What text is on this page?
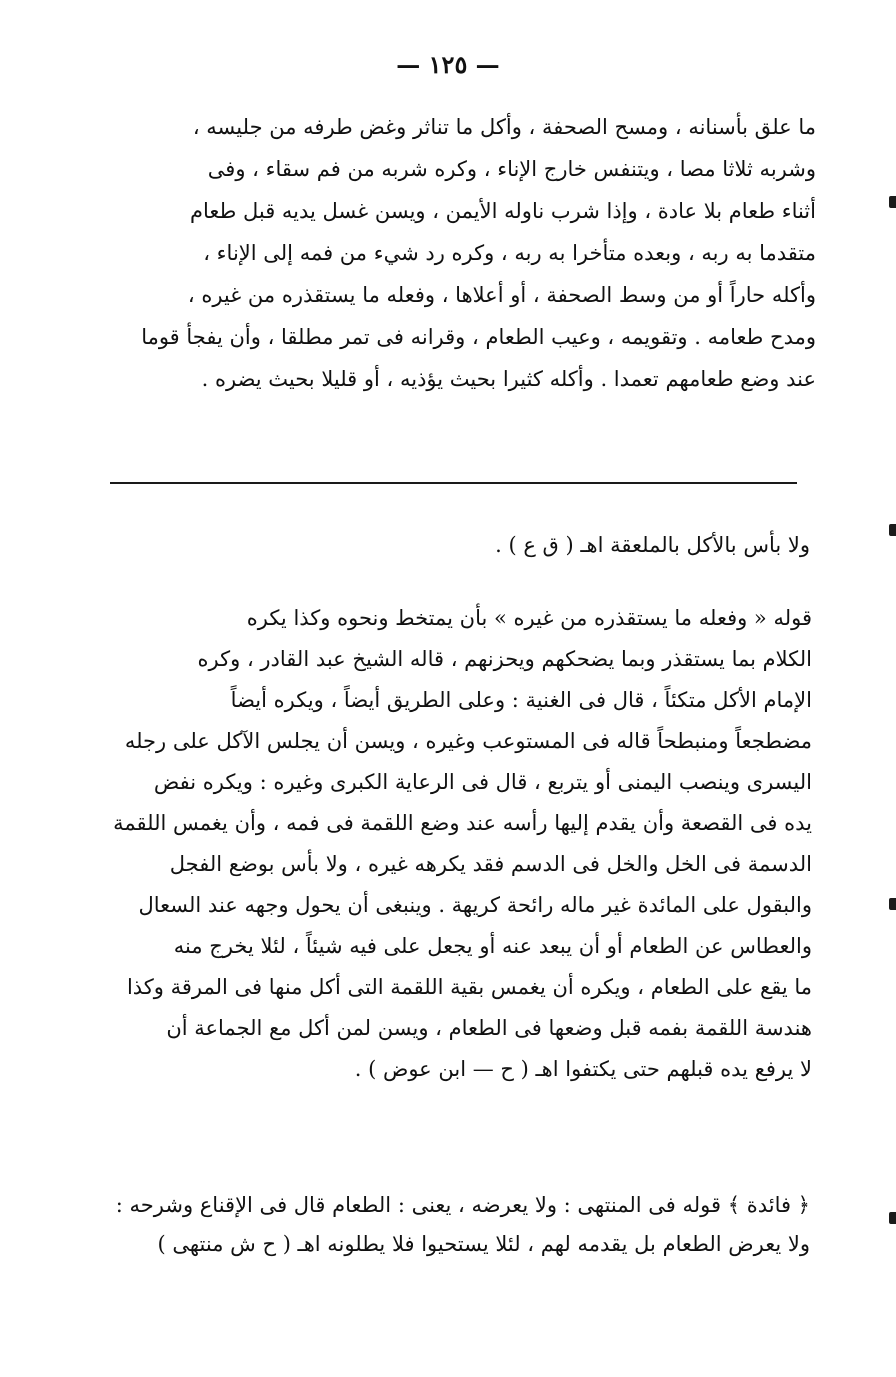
— ١٢٥ —
ما علق بأسنانه ، ومسح الصحفة ، وأكل ما تناثر وغض طرفه من جليسه ،
وشربه ثلاثا مصا ، ويتنفس خارج الإناء ، وكره شربه من فم سقاء ، وفى
أثناء طعام بلا عادة ، وإذا شرب ناوله الأيمن ، ويسن غسل يديه قبل طعام
متقدما به ربه ، وبعده متأخرا به ربه ، وكره رد شيء من فمه إلى الإناء ،
وأكله حاراً أو من وسط الصحفة ، أو أعلاها ، وفعله ما يستقذره من غيره ،
ومدح طعامه . وتقويمه ، وعيب الطعام ، وقرانه فى تمر مطلقا ، وأن يفجأ قوما
عند وضع طعامهم تعمدا . وأكله كثيرا بحيث يؤذيه ، أو قليلا بحيث يضره .
ولا بأس بالأكل بالملعقة اهـ ( ق ع ) .
قوله « وفعله ما يستقذره من غيره » بأن يمتخط ونحوه وكذا يكره
الكلام بما يستقذر وبما يضحكهم ويحزنهم ، قاله الشيخ عبد القادر ، وكره
الإمام الأكل متكئاً ، قال فى الغنية : وعلى الطريق أيضاً ، ويكره أيضاً
مضطجعاً ومنبطحاً قاله فى المستوعب وغيره ، ويسن أن يجلس الآكل على رجله
اليسرى وينصب اليمنى أو يتربع ، قال فى الرعاية الكبرى وغيره : ويكره نفض
يده فى القصعة وأن يقدم إليها رأسه عند وضع اللقمة فى فمه ، وأن يغمس اللقمة
الدسمة فى الخل والخل فى الدسم فقد يكرهه غيره ، ولا بأس بوضع الفجل
والبقول على المائدة غير ماله رائحة كريهة . وينبغى أن يحول وجهه عند السعال
والعطاس عن الطعام أو أن يبعد عنه أو يجعل على فيه شيئاً ، لئلا يخرج منه
ما يقع على الطعام ، ويكره أن يغمس بقية اللقمة التى أكل منها فى المرقة وكذا
هندسة اللقمة بفمه قبل وضعها فى الطعام ، ويسن لمن أكل مع الجماعة أن
لا يرفع يده قبلهم حتى يكتفوا اهـ ( ح — ابن عوض ) .
﴿ فائدة ﴾ قوله فى المنتهى : ولا يعرضه ، يعنى : الطعام قال فى الإقناع وشرحه :
ولا يعرض الطعام بل يقدمه لهم ، لئلا يستحيوا فلا يطلونه اهـ ( ح ش منتهى )
